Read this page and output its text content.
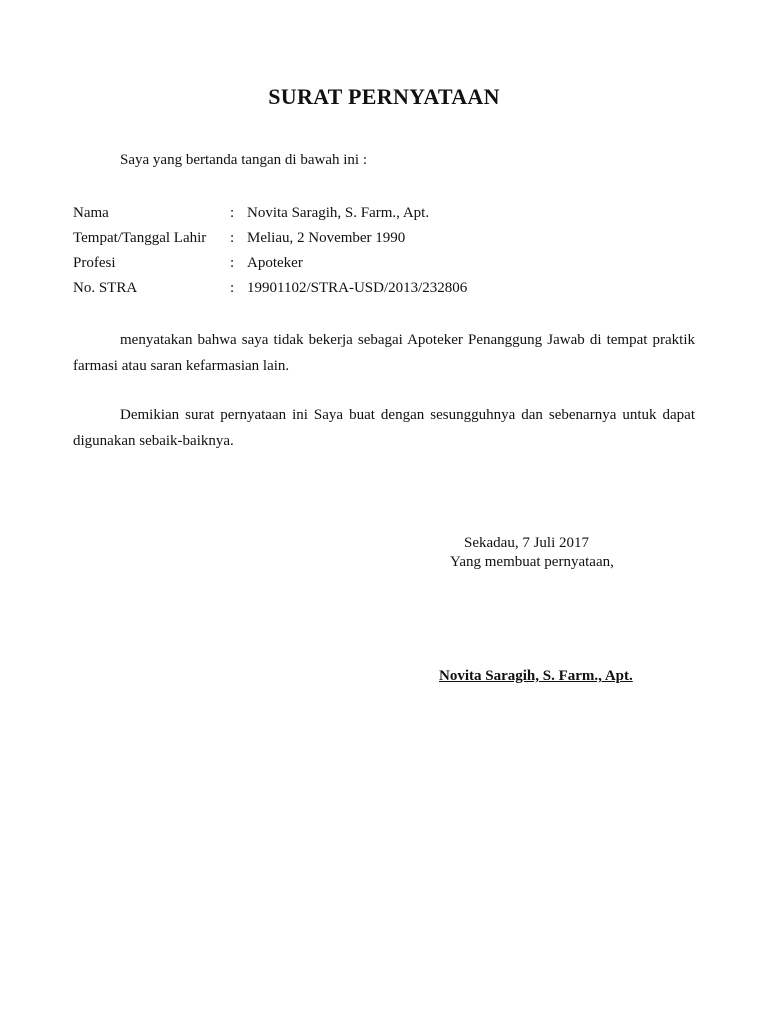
SURAT PERNYATAAN
Saya yang bertanda tangan di bawah ini :
Nama	: Novita Saragih, S. Farm., Apt.
Tempat/Tanggal Lahir : Meliau, 2 November 1990
Profesi	: Apoteker
No. STRA	: 19901102/STRA-USD/2013/232806
menyatakan bahwa saya tidak bekerja sebagai Apoteker Penanggung Jawab di tempat praktik farmasi atau saran kefarmasian lain.
Demikian surat pernyataan ini Saya buat dengan sesungguhnya dan sebenarnya untuk dapat digunakan sebaik-baiknya.
Sekadau, 7 Juli 2017
Yang membuat pernyataan,
Novita Saragih, S. Farm., Apt.
